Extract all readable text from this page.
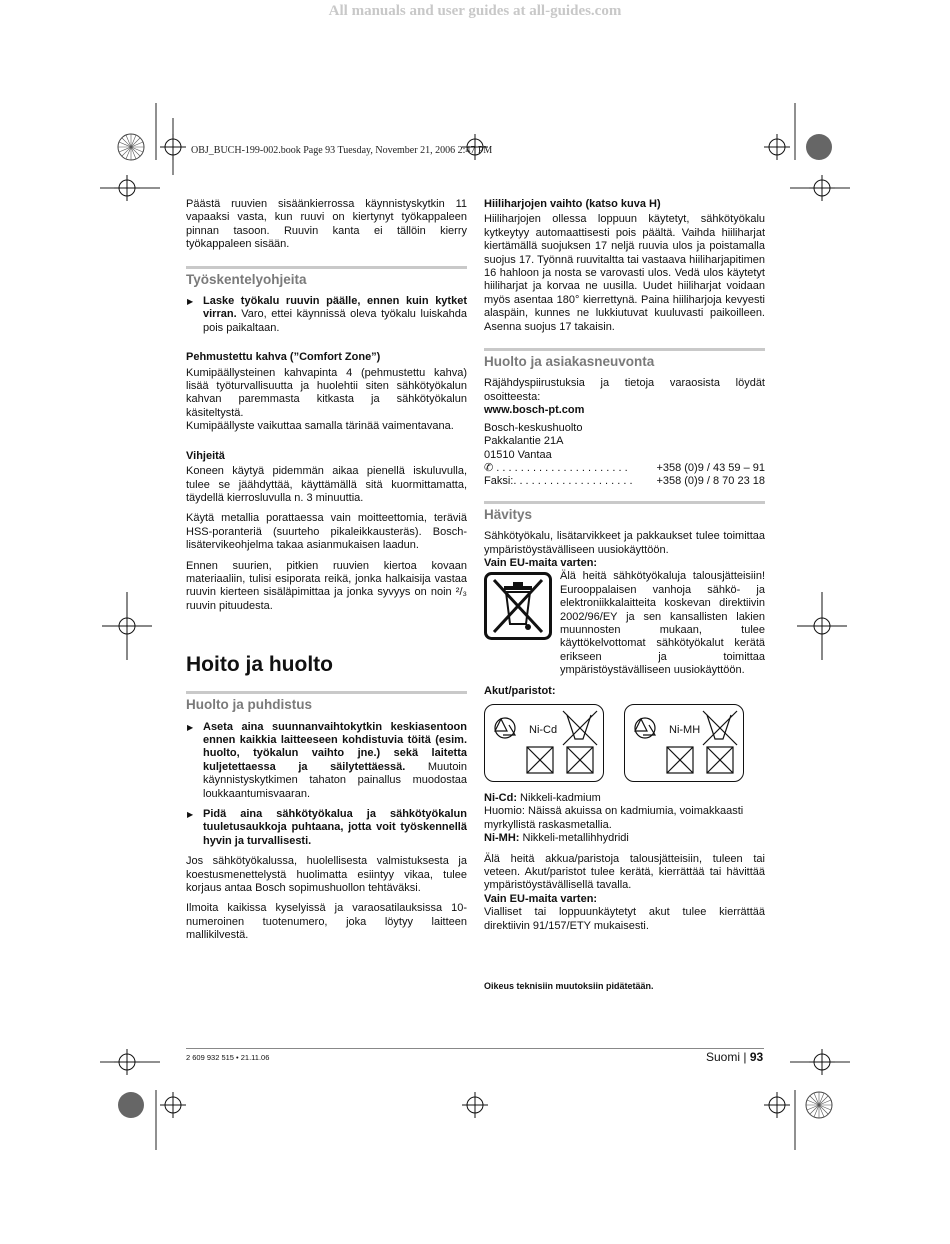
All manuals and user guides at all-guides.com
OBJ_BUCH-199-002.book Page 93 Tuesday, November 21, 2006 2:47 PM

Päästä ruuvien sisäänkierrossa käynnistyskytkin 11 vapaaksi vasta, kun ruuvi on kiertynyt työkappaleen pinnan tasoon. Ruuvin kanta ei tällöin kierry työkappaleen sisään.

Työskentelyohjeita
▶ Laske työkalu ruuvin päälle, ennen kuin kytket virran. Varo, ettei käynnissä oleva työkalu luiskahda pois paikaltaan.
Pehmustettu kahva (”Comfort Zone”)

Kumipäällysteinen kahvapinta 4 (pehmustettu kahva) lisää työturvallisuutta ja huolehtii siten sähkötyökalun kahvan paremmasta kitkasta ja sähkötyökalun käsiteltystä.

Kumipäällyste vaikuttaa samalla tärinää vaimentavana.

Vihjeitä

Koneen käytyä pidemmän aikaa pienellä iskuluvulla, tulee se jäähdyttää, käyttämällä sitä kuormittamatta, täydellä kierrosluvulla n. 3 minuuttia.

Käytä metallia porattaessa vain moitteettomia, teräviä HSS-poranteriä (suurteho pikaleikkausteräs). Bosch-lisätervikeohjelma takaa asianmukaisen laadun.

Ennen suurien, pitkien ruuvien kiertoa kovaan materiaaliin, tulisi esiporata reikä, jonka halkaisija vastaa ruuvin kierteen sisäläpimittaa ja jonka syvyys on noin ²/₃ ruuvin pituudesta.

Hoito ja huolto
Huolto ja puhdistus
▶ Aseta aina suunnanvaihtokytkin keskiasentoon ennen kaikkia laitteeseen kohdistuvia töitä (esim. huolto, työkalun vaihto jne.) sekä laitetta kuljetettaessa ja säilytettäessä. Muutoin käynnistyskytkimen tahaton painallus muodostaa loukkaantumisvaaran.
▶ Pidä aina sähkötyökalua ja sähkötyökalun tuuletusaukkoja puhtaana, jotta voit työskennellä hyvin ja turvallisesti.

Jos sähkötyökalussa, huolellisesta valmistuksesta ja koestusmenettelystä huolimatta esiintyy vikaa, tulee korjaus antaa Bosch sopimushuollon tehtäväksi.

Ilmoita kaikissa kyselyissä ja varaosatilauksissa 10-numeroinen tuotenumero, joka löytyy laitteen mallikilvestä.

Hiiliharjojen vaihto (katso kuva H)

Hiiliharjojen ollessa loppuun käytetyt, sähkötyökalu kytkeytyy automaattisesti pois päältä. Vaihda hiiliharjat kiertämällä suojuksen 17 neljä ruuvia ulos ja poistamalla suojus 17. Työnnä ruuvitaltta tai vastaava hiiliharjapitimen 16 hahloon ja nosta se varovasti ulos. Vedä ulos käytetyt hiiliharjat ja korvaa ne uusilla. Uudet hiiliharjat voidaan myös asentaa 180° kierrettynä. Paina hiiliharjoja kevyesti alaspäin, kunnes ne lukkiutuvat kuuluvasti paikoilleen. Asenna suojus 17 takaisin.

Huolto ja asiakasneuvonta

Räjähdyspiirustuksia ja tietoja varaosista löydät osoitteesta:

www.bosch-pt.com

Bosch-keskushuolto
Pakkalantie 21A
01510 Vantaa
✆ . . . . . . . . . . . . . . . . . . . . . .	+358 (0)9 / 43 59 – 91
Faksi:. . . . . . . . . . . . . . . . . . . . +358 (0)9 / 8 70 23 18
Hävitys

Sähkötyökalu, lisätarvikkeet ja pakkaukset tulee toimittaa ympäristöystävälliseen uusiokäyttöön.

Vain EU-maita varten:

Älä heitä sähkötyökaluja talousjätteisiin! Eurooppalaisen vanhoja sähkö- ja elektroniikkalaitteita koskevan direktiivin 2002/96/EY ja sen kansallisten lakien muunnosten mukaan, tulee käyttökelvottomat sähkötyökalut kerätä erikseen ja toimittaa ympäristöystävälliseen uusiokäyttöön.

Akut/paristot:
Ni-Cd	Ni-MH
Ni-Cd: Nikkeli-kadmium
Huomio: Näissä akuissa on kadmiumia, voimakkaasti myrkyllistä raskasmetallia.
Ni-MH: Nikkeli-metallihhydridi

Älä heitä akkua/paristoja talousjätteisiin, tuleen tai veteen. Akut/paristot tulee kerätä, kierrättää tai hävittää ympäristöystävällisellä tavalla.

Vain EU-maita varten:

Vialliset tai loppuunkäytetyt akut tulee kierrättää direktiivin 91/157/ETY mukaisesti.

Oikeus teknisiin muutoksiin pidätetään.
2 609 932 515 • 21.11.06	Suomi | 93
